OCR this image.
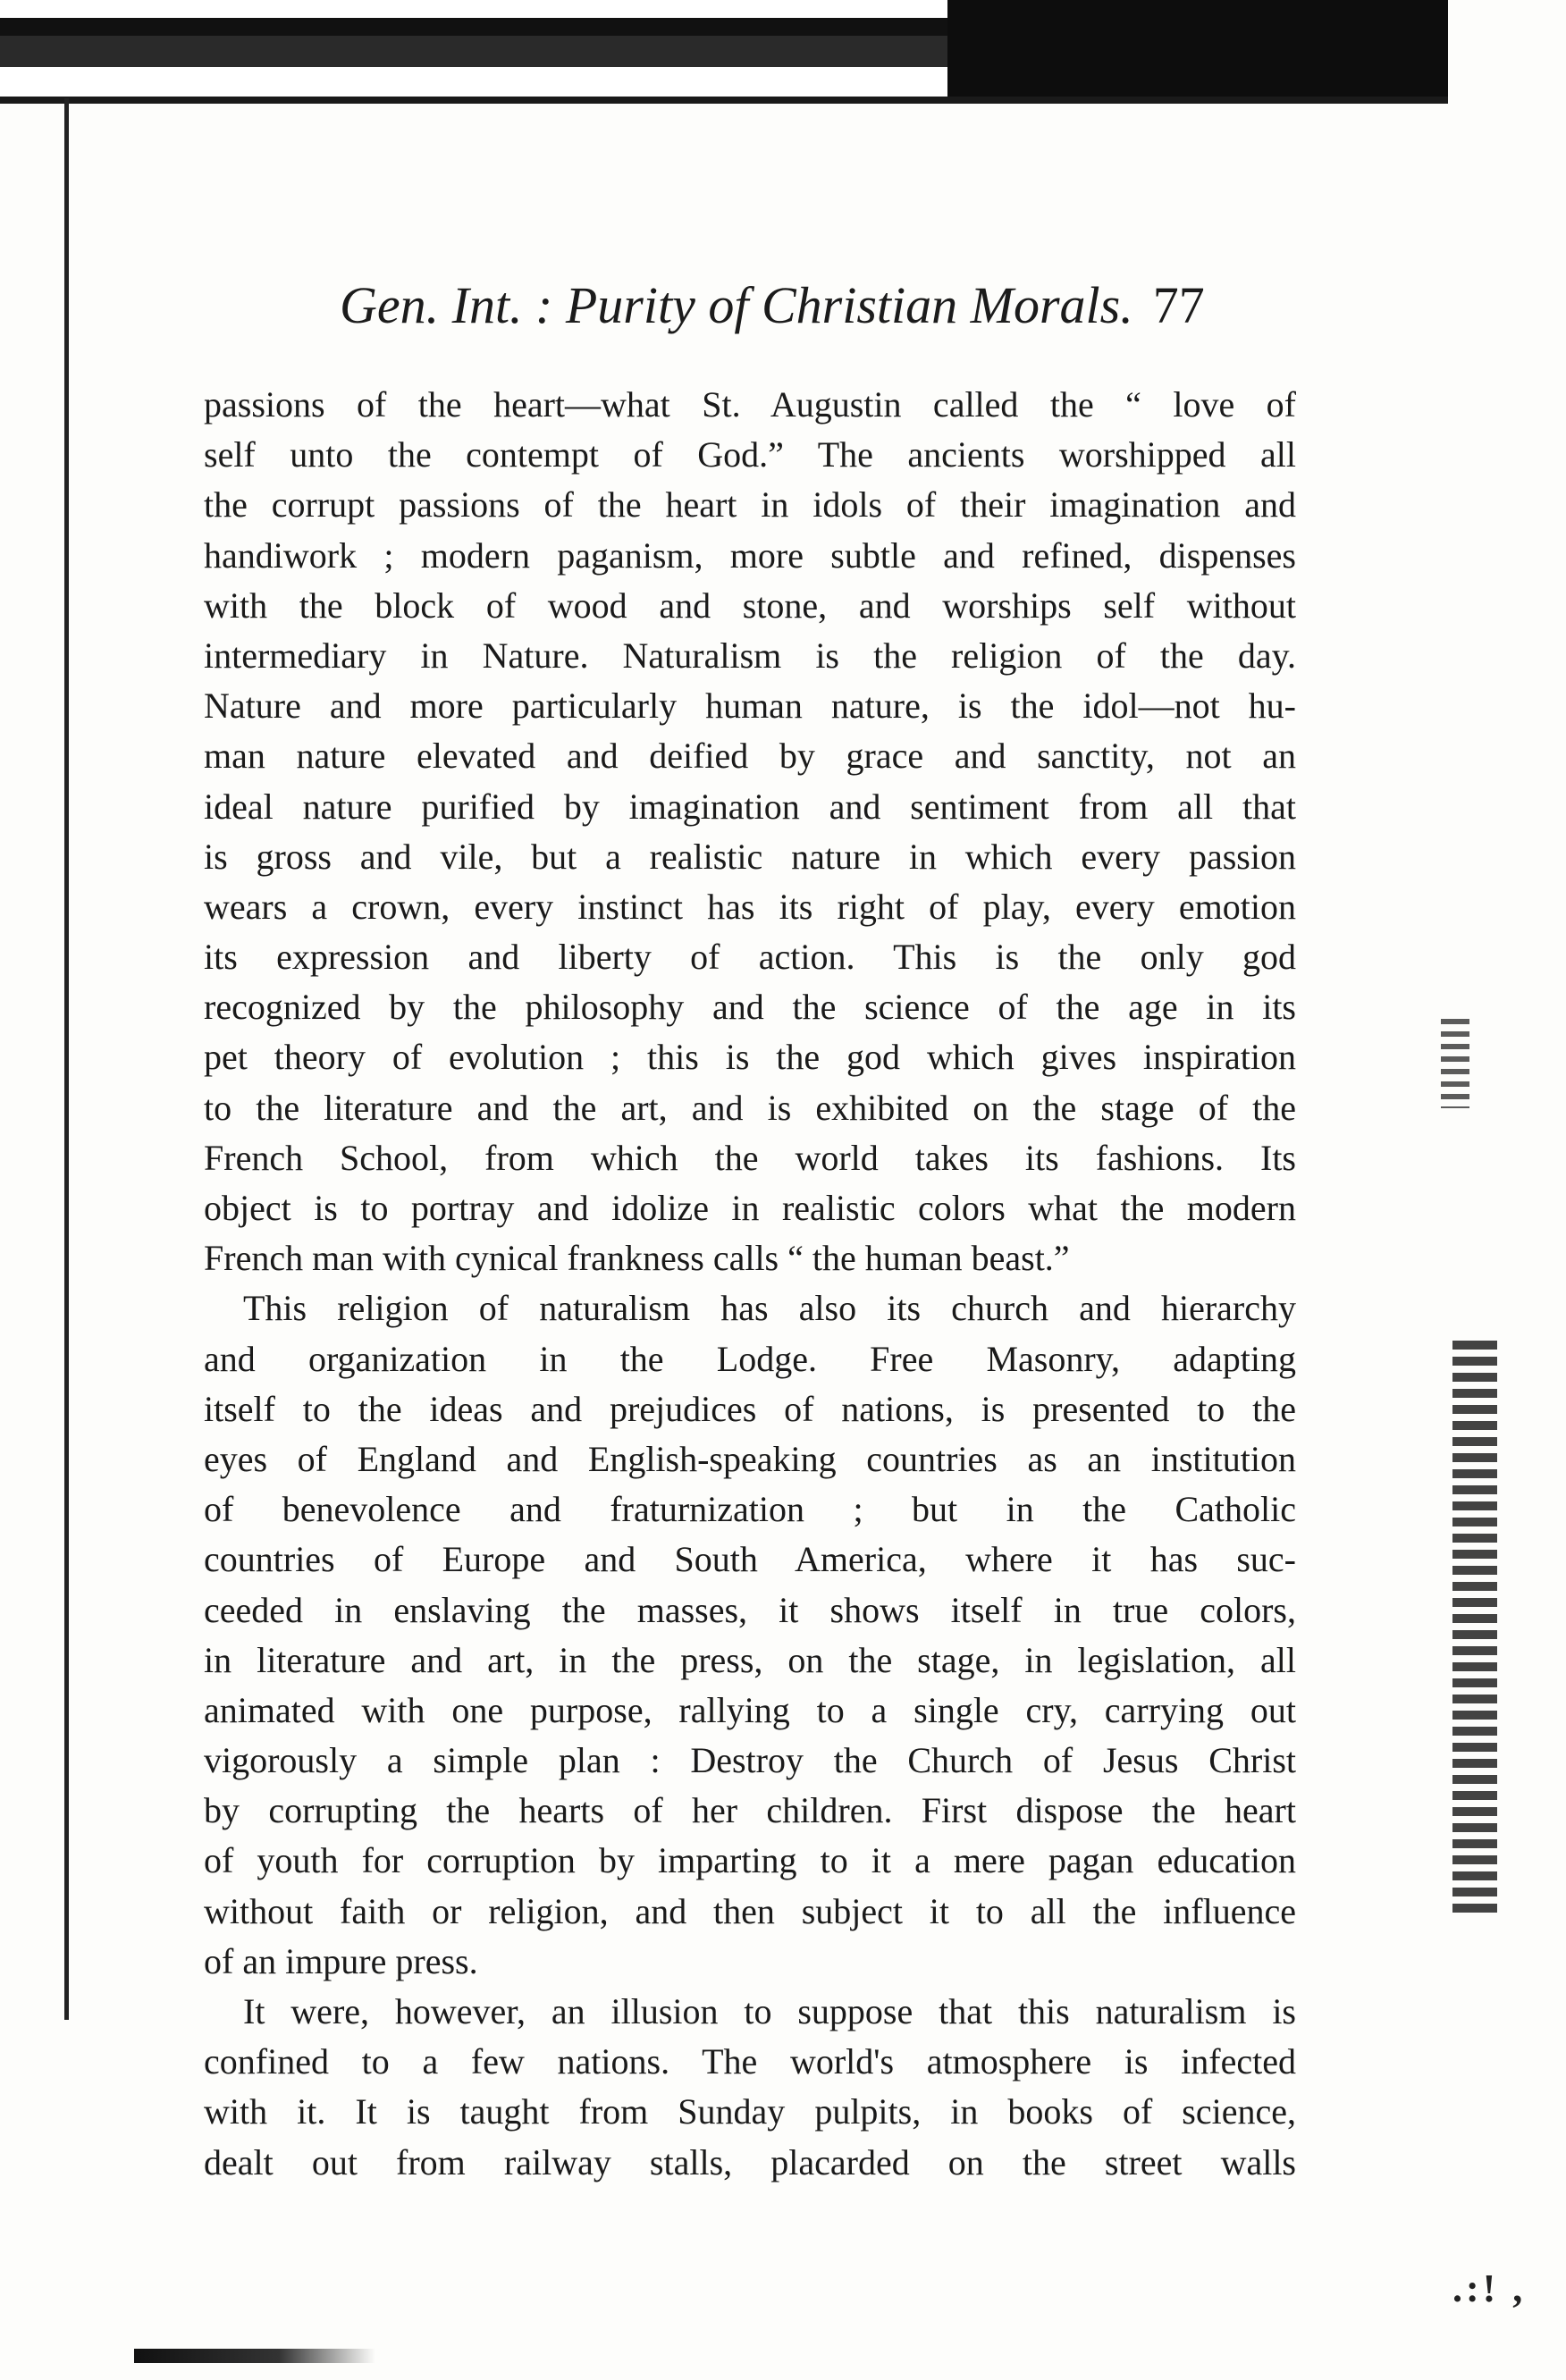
Gen. Int. : Purity of Christian Morals. 77
passions of the heart—what St. Augustin called the “ love of
self unto the contempt of God.” The ancients worshipped all
the corrupt passions of the heart in idols of their imagination and
handiwork ; modern paganism, more subtle and refined, dispenses
with the block of wood and stone, and worships self without
intermediary in Nature. Naturalism is the religion of the day.
Nature and more particularly human nature, is the idol—not hu-
man nature elevated and deified by grace and sanctity, not an
ideal nature purified by imagination and sentiment from all that
is gross and vile, but a realistic nature in which every passion
wears a crown, every instinct has its right of play, every emotion
its expression and liberty of action. This is the only god
recognized by the philosophy and the science of the age in its
pet theory of evolution ; this is the god which gives inspiration
to the literature and the art, and is exhibited on the stage of the
French School, from which the world takes its fashions. Its
object is to portray and idolize in realistic colors what the modern
French man with cynical frankness calls “ the human beast.”
This religion of naturalism has also its church and hierarchy
and organization in the Lodge. Free Masonry, adapting
itself to the ideas and prejudices of nations, is presented to the
eyes of England and English-speaking countries as an institution
of benevolence and fraturnization ; but in the Catholic
countries of Europe and South America, where it has suc-
ceeded in enslaving the masses, it shows itself in true colors,
in literature and art, in the press, on the stage, in legislation, all
animated with one purpose, rallying to a single cry, carrying out
vigorously a simple plan : Destroy the Church of Jesus Christ
by corrupting the hearts of her children. First dispose the heart
of youth for corruption by imparting to it a mere pagan education
without faith or religion, and then subject it to all the influence
of an impure press.
It were, however, an illusion to suppose that this naturalism is
confined to a few nations. The world's atmosphere is infected
with it. It is taught from Sunday pulpits, in books of science,
dealt out from railway stalls, placarded on the street walls
.:! ,
